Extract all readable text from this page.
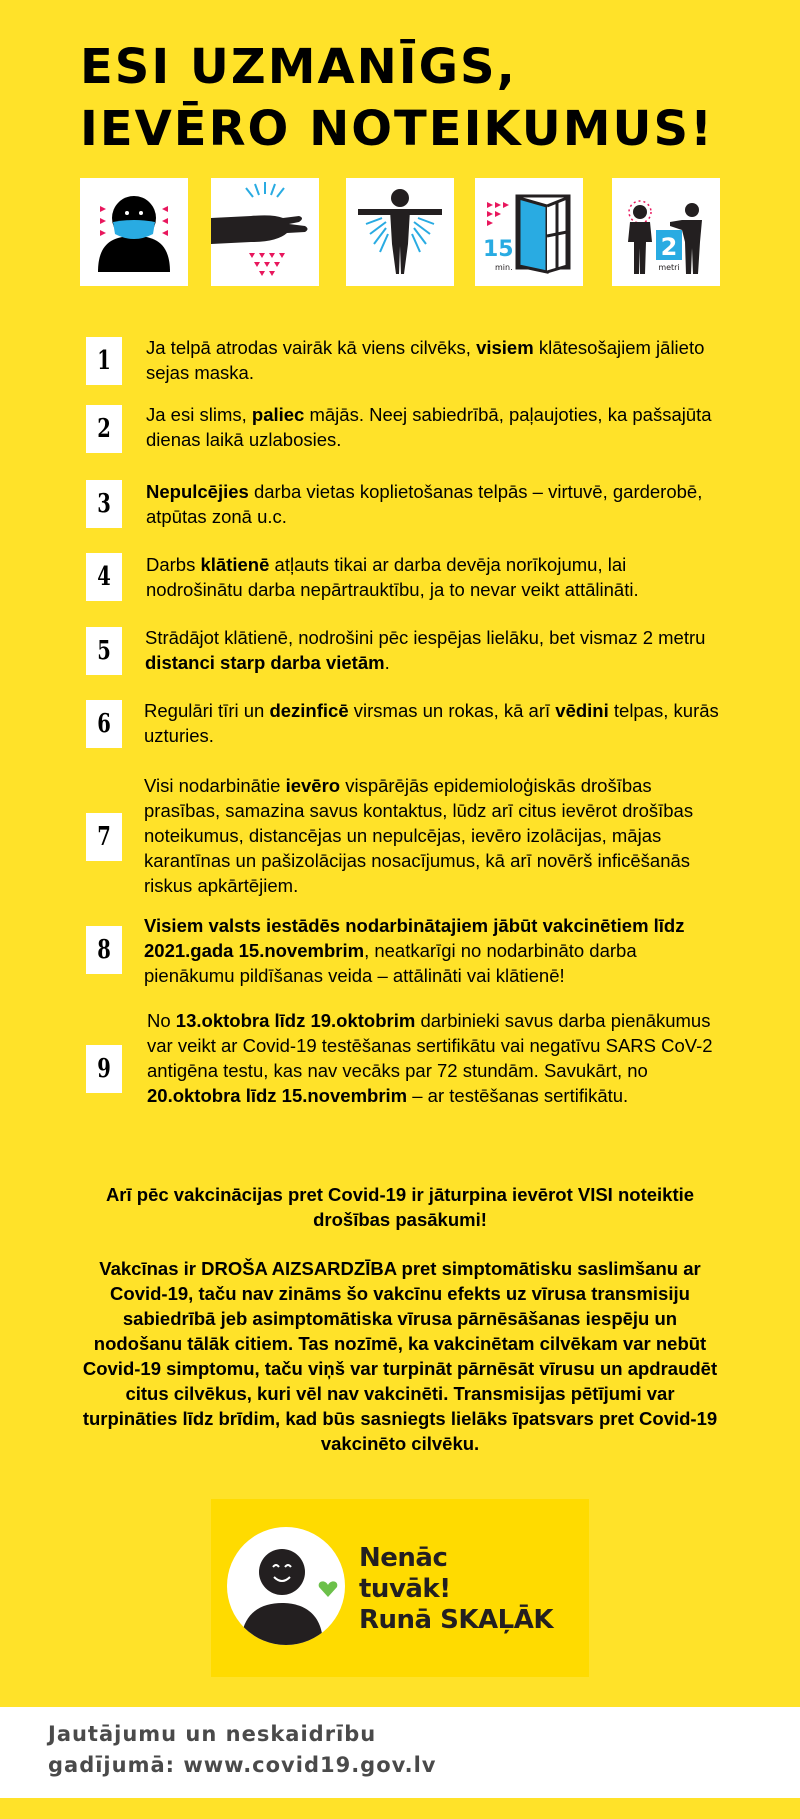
ESI UZMANĪGS,
IEVĒRO NOTEIKUMUS!
15
min.
2
metri
1	Ja telpā atrodas vairāk kā viens cilvēks, visiem klātesošajiem jālieto sejas maska.
2	Ja esi slims, paliec mājās. Neej sabiedrībā, paļaujoties, ka pašsajūta dienas laikā uzlabosies.
3	Nepulcējies darba vietas koplietošanas telpās – virtuvē, garderobē, atpūtas zonā u.c.
4	Darbs klātienē atļauts tikai ar darba devēja norīkojumu, lai nodrošinātu darba nepārtrauktību, ja to nevar veikt attālināti.
5	Strādājot klātienē, nodrošini pēc iespējas lielāku, bet vismaz 2 metru distanci starp darba vietām.
6	Regulāri tīri un dezinficē virsmas un rokas, kā arī vēdini telpas, kurās uzturies.
7
Visi nodarbinātie ievēro vispārējās epidemioloģiskās drošības prasības, samazina savus kontaktus, lūdz arī citus ievērot drošības noteikumus, distancējas un nepulcējas, ievēro izolācijas, mājas karantīnas un pašizolācijas nosacījumus, kā arī novērš inficēšanās riskus apkārtējiem.
8
Visiem valsts iestādēs nodarbinātajiem jābūt vakcinētiem līdz 2021.gada 15.novembrim, neatkarīgi no nodarbināto darba pienākumu pildīšanas veida – attālināti vai klātienē!
9
No 13.oktobra līdz 19.oktobrim darbinieki savus darba pienākumus var veikt ar Covid-19 testēšanas sertifikātu vai negatīvu SARS CoV-2 antigēna testu, kas nav vecāks par 72 stundām. Savukārt, no 20.oktobra līdz 15.novembrim – ar testēšanas sertifikātu.
Arī pēc vakcinācijas pret Covid-19 ir jāturpina ievērot VISI noteiktie drošības pasākumi!
Vakcīnas ir DROŠA AIZSARDZĪBA pret simptomātisku saslimšanu ar Covid-19, taču nav zināms šo vakcīnu efekts uz vīrusa transmisiju sabiedrībā jeb asimptomātiska vīrusa pārnēsāšanas iespēju un nodošanu tālāk citiem. Tas nozīmē, ka vakcinētam cilvēkam var nebūt Covid-19 simptomu, taču viņš var turpināt pārnēsāt vīrusu un apdraudēt citus cilvēkus, kuri vēl nav vakcinēti. Transmisijas pētījumi var turpināties līdz brīdim, kad būs sasniegts lielāks īpatsvars pret Covid-19 vakcinēto cilvēku.
Nenāc
tuvāk!
Runā SKAĻĀK
Jautājumu un neskaidrību
gadījumā: www.covid19.gov.lv
